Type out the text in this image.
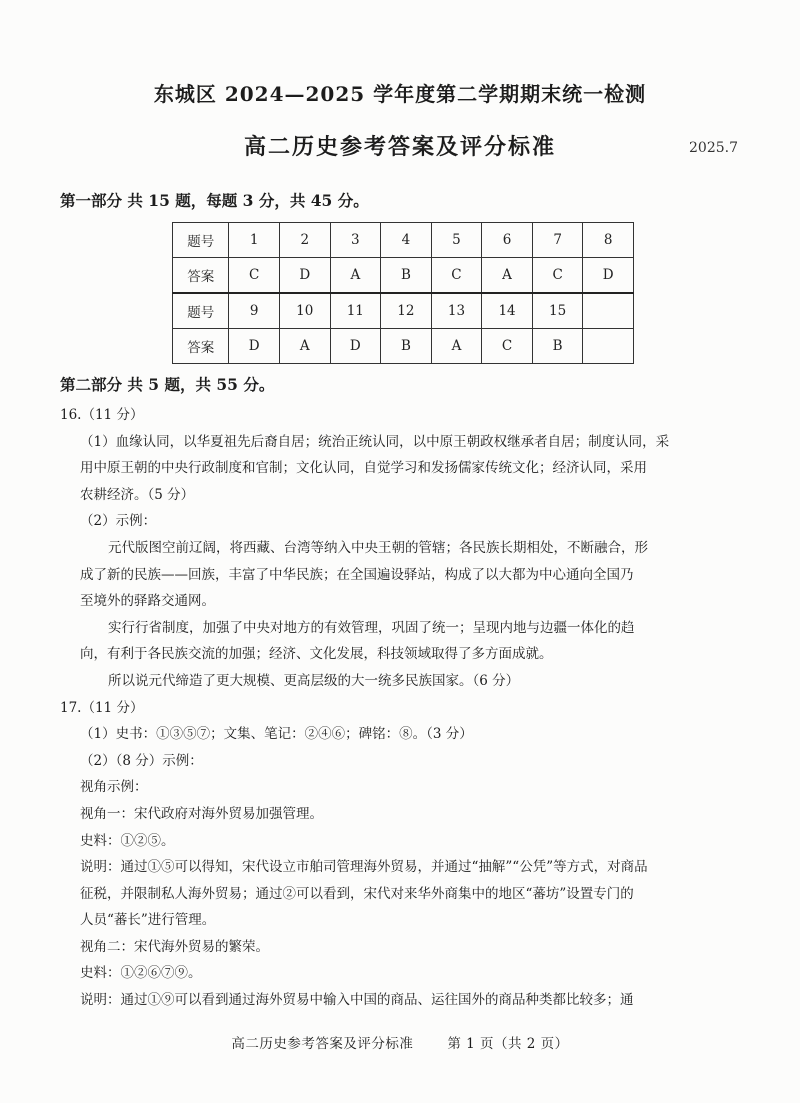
东城区 2024—2025 学年度第二学期期末统一检测
高二历史参考答案及评分标准	2025.7
第一部分 共 15 题，每题 3 分，共 45 分。
题号	1	2	3	4	5	6	7	8
答案	C	D	A	B	C	A	C	D
题号	9	10	11	12	13	14	15	
答案	D	A	D	B	A	C	B	
第二部分 共 5 题，共 55 分。
16.（11 分）
（1）血缘认同，以华夏祖先后裔自居；统治正统认同，以中原王朝政权继承者自居；制度认同，采
用中原王朝的中央行政制度和官制；文化认同，自觉学习和发扬儒家传统文化；经济认同，采用
农耕经济。（5 分）
（2）示例：
元代版图空前辽阔，将西藏、台湾等纳入中央王朝的管辖；各民族长期相处，不断融合，形
成了新的民族——回族，丰富了中华民族；在全国遍设驿站，构成了以大都为中心通向全国乃
至境外的驿路交通网。
实行行省制度，加强了中央对地方的有效管理，巩固了统一；呈现内地与边疆一体化的趋
向，有利于各民族交流的加强；经济、文化发展，科技领域取得了多方面成就。
所以说元代缔造了更大规模、更高层级的大一统多民族国家。（6 分）
17.（11 分）
（1）史书：①③⑤⑦；文集、笔记：②④⑥；碑铭：⑧。（3 分）
（2）（8 分）示例：
视角示例：
视角一：宋代政府对海外贸易加强管理。
史料：①②⑤。
说明：通过①⑤可以得知，宋代设立市舶司管理海外贸易，并通过“抽解”“公凭”等方式，对商品
征税，并限制私人海外贸易；通过②可以看到，宋代对来华外商集中的地区“蕃坊”设置专门的
人员“蕃长”进行管理。
视角二：宋代海外贸易的繁荣。
史料：①②⑥⑦⑨。
说明：通过①⑨可以看到通过海外贸易中输入中国的商品、运往国外的商品种类都比较多；通
高二历史参考答案及评分标准	第 1 页（共 2 页）
